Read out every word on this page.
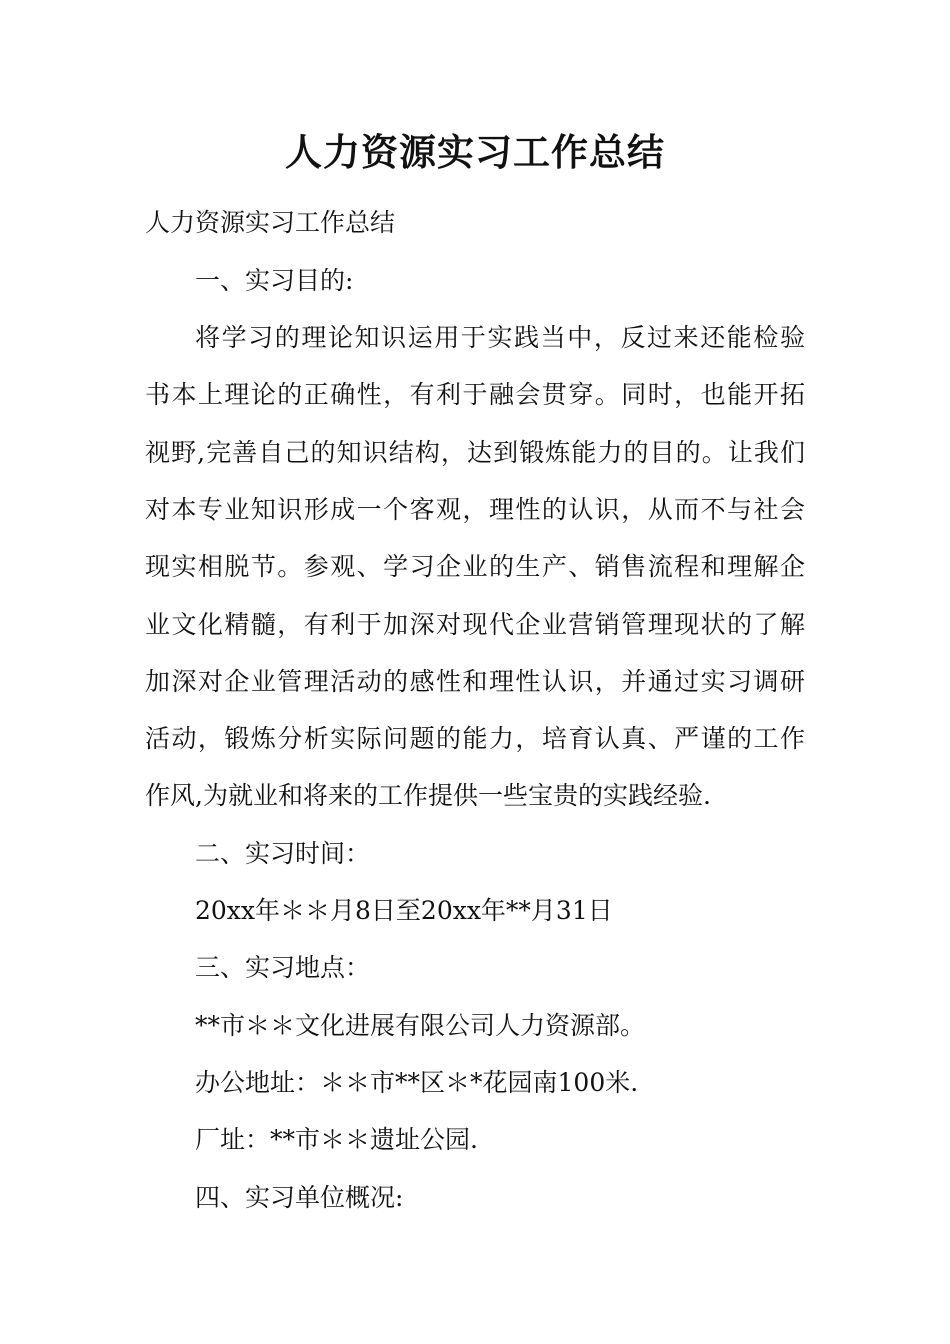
人力资源实习工作总结

人力资源实习工作总结

一、实习目的:

将学习的理论知识运用于实践当中，反过来还能检验

书本上理论的正确性，有利于融会贯穿。同时，也能开拓

视野,完善自己的知识结构，达到锻炼能力的目的。让我们

对本专业知识形成一个客观，理性的认识，从而不与社会

现实相脱节。参观、学习企业的生产、销售流程和理解企

业文化精髓，有利于加深对现代企业营销管理现状的了解

加深对企业管理活动的感性和理性认识，并通过实习调研

活动，锻炼分析实际问题的能力，培育认真、严谨的工作

作风,为就业和将来的工作提供一些宝贵的实践经验.

二、实习时间：

20xx年＊＊月8日至20xx年**月31日

三、实习地点：

**市＊＊文化进展有限公司人力资源部。

办公地址：＊＊市**区＊*花园南100米.

厂址：**市＊＊遗址公园.

四、实习单位概况:
